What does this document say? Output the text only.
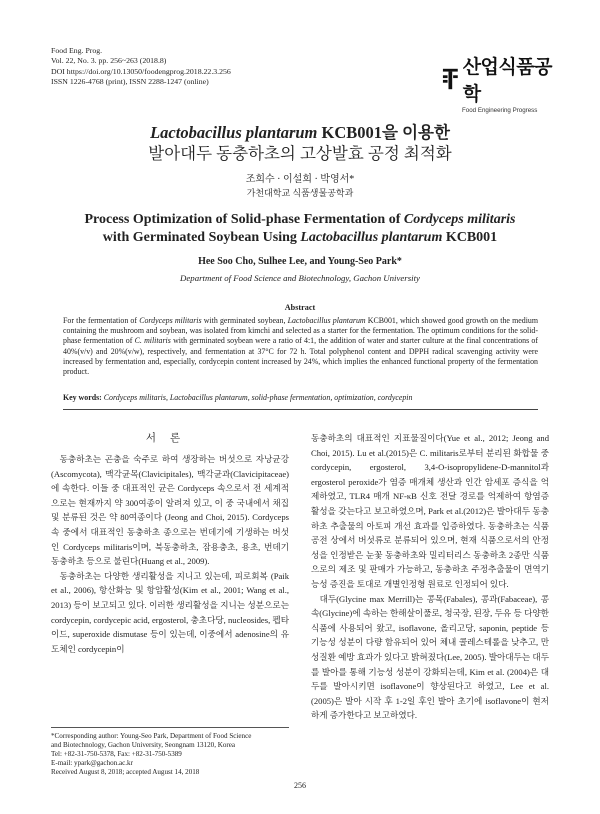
Food Eng. Prog.
Vol. 22, No. 3. pp. 256~263 (2018.8)
DOI https://doi.org/10.13050/foodengprog.2018.22.3.256
ISSN 1226-4768 (print), ISSN 2288-1247 (online)
산업식품공학
Food Engineering Progress
Lactobacillus plantarum KCB001을 이용한
발아대두 동충하초의 고상발효 공정 최적화
조희수 · 이설희 · 박영서*
가천대학교 식품생물공학과
Process Optimization of Solid-phase Fermentation of Cordyceps militaris
with Germinated Soybean Using Lactobacillus plantarum KCB001
Hee Soo Cho, Sulhee Lee, and Young-Seo Park*
Department of Food Science and Biotechnology, Gachon University
Abstract
For the fermentation of Cordyceps militaris with germinated soybean, Lactobacillus plantarum KCB001, which showed good growth on the medium containing the mushroom and soybean, was isolated from kimchi and selected as a starter for the fermentation. The optimum conditions for the solid-phase fermentation of C. militaris with germinated soybean were a ratio of 4:1, the addition of water and starter culture at the final concentrations of 40%(v/v) and 20%(v/w), respectively, and fermentation at 37°C for 72 h. Total polyphenol content and DPPH radical scavenging activity were increased by fermentation and, especially, cordycepin content increased by 24%, which implies the enhanced functional property of the fermentation product.
Key words: Cordyceps militaris, Lactobacillus plantarum, solid-phase fermentation, optimization, cordycepin
서론

동충하초는 곤충을 숙주로 하여 생장하는 버섯으로 자낭균강(Ascomycota), 맥각균목(Clavicipitales), 맥각균과(Clavicipitaceae)에 속한다. 이들 중 대표적인 균은 Cordyceps 속으로서 전 세계적으로는 현재까지 약 300여종이 알려져 있고, 이 중 국내에서 채집 및 분류된 것은 약 80여종이다 (Jeong and Choi, 2015). Cordyceps 속 중에서 대표적인 동충하초 종으로는 번데기에 기생하는 버섯인 Cordyceps militaris이며, 북동충하초, 잠용충초, 용초, 번데기 동충하초 등으로 불린다(Huang et al., 2009).

동충하초는 다양한 생리활성을 지니고 있는데, 피로회복 (Paik et al., 2006), 항산화능 및 항암활성(Kim et al., 2001; Wang et al., 2013) 등이 보고되고 있다. 이러한 생리활성을 지니는 성분으로는 cordycepin, cordycepic acid, ergosterol, 충초다당, nucleosides, 펩타이드, superoxide dismutase 등이 있는데, 이중에서 adenosine의 유도체인 cordycepin이

동충하초의 대표적인 지표물질이다(Yue et al., 2012; Jeong and Choi, 2015). Lu et al.(2015)은 C. militaris로부터 분리된 화합물 중 cordycepin, ergosterol, 3,4-O-isopropylidene-D-mannitol과 ergosterol peroxide가 염증 매개체 생산과 인간 암세포 증식을 억제하였고, TLR4 매개 NF-κB 신호 전달 경로를 억제하여 항염증 활성을 갖는다고 보고하였으며, Park et al.(2012)은 발아대두 동충하초 추출물의 아토피 개선 효과를 입증하였다. 동충하초는 식품공전 상에서 버섯류로 분류되어 있으며, 현재 식품으로서의 안정성을 인정받은 눈꽃 동충하초와 밀리터리스 동충하초 2종만 식품으로의 제조 및 판매가 가능하고, 동충하초 주정추출물이 면역기능성 증진을 토대로 개별인정형 원료로 인정되어 있다.

대두(Glycine max Merrill)는 콩목(Fabales), 콩과(Fabaceae), 콩속(Glycine)에 속하는 한해살이풀로, 청국장, 된장, 두유 등 다양한 식품에 사용되어 왔고, isoflavone, 올리고당, saponin, peptide 등 기능성 성분이 다량 함유되어 있어 체내 콜레스테롤을 낮추고, 만성질환 예방 효과가 있다고 밝혀졌다(Lee, 2005). 발아대두는 대두를 발아를 통해 기능성 성분이 강화되는데, Kim et al. (2004)은 대두를 발아시키면 isoflavone이 향상된다고 하였고, Lee et al. (2005)은 발아 시작 후 1-2일 후인 발아 초기에 isoflavone이 현저하게 증가한다고 보고하였다.

*Corresponding author: Young-Seo Park, Department of Food Science
and Biotechnology, Gachon University, Seongnam 13120, Korea
Tel: +82-31-750-5378, Fax: +82-31-750-5389
E-mail: ypark@gachon.ac.kr
Received August 8, 2018; accepted August 14, 2018
256
